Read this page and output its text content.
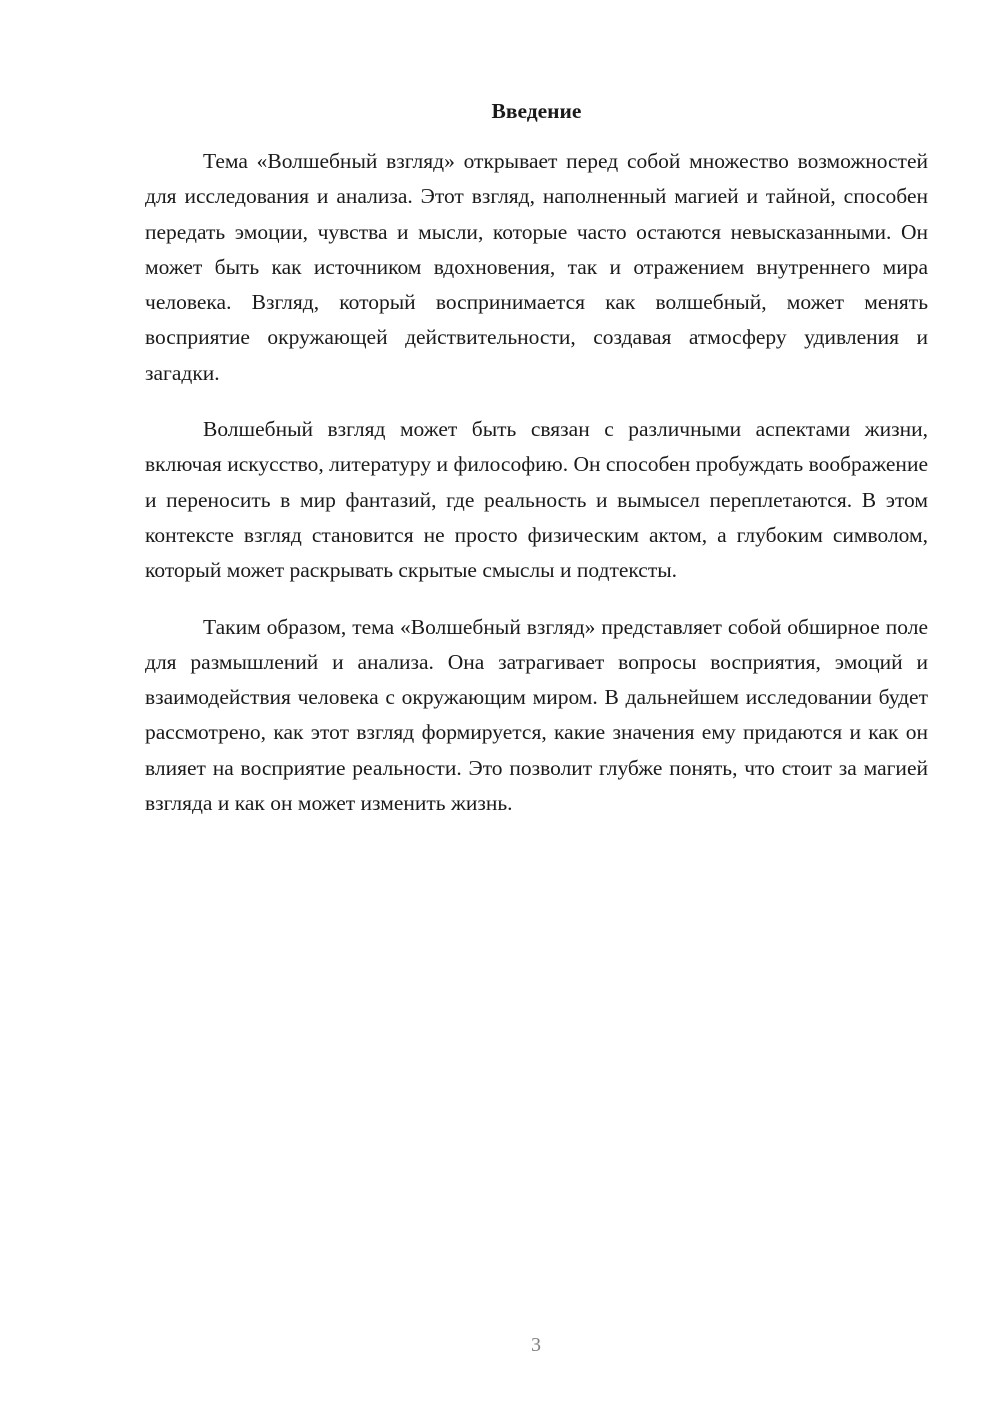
Введение

Тема «Волшебный взгляд» открывает перед собой множество возможностей для исследования и анализа. Этот взгляд, наполненный магией и тайной, способен передать эмоции, чувства и мысли, которые часто остаются невысказанными. Он может быть как источником вдохновения, так и отражением внутреннего мира человека. Взгляд, который воспринимается как волшебный, может менять восприятие окружающей действительности, создавая атмосферу удивления и загадки.

Волшебный взгляд может быть связан с различными аспектами жизни, включая искусство, литературу и философию. Он способен пробуждать воображение и переносить в мир фантазий, где реальность и вымысел переплетаются. В этом контексте взгляд становится не просто физическим актом, а глубоким символом, который может раскрывать скрытые смыслы и подтексты.

Таким образом, тема «Волшебный взгляд» представляет собой обширное поле для размышлений и анализа. Она затрагивает вопросы восприятия, эмоций и взаимодействия человека с окружающим миром. В дальнейшем исследовании будет рассмотрено, как этот взгляд формируется, какие значения ему придаются и как он влияет на восприятие реальности. Это позволит глубже понять, что стоит за магией взгляда и как он может изменить жизнь.

3
